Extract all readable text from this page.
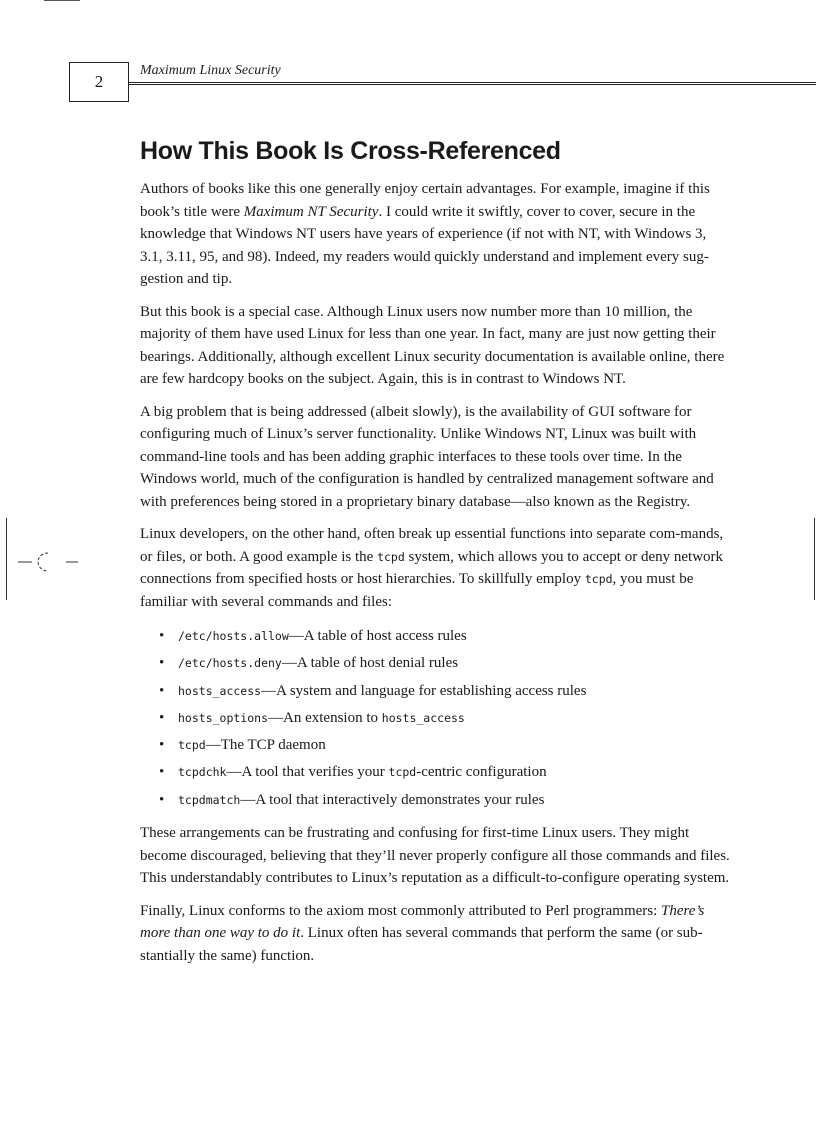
2
Maximum Linux Security
How This Book Is Cross-Referenced

Authors of books like this one generally enjoy certain advantages. For example, imagine if this book’s title were Maximum NT Security. I could write it swiftly, cover to cover, secure in the knowledge that Windows NT users have years of experience (if not with NT, with Windows 3, 3.1, 3.11, 95, and 98). Indeed, my readers would quickly understand and implement every sug-gestion and tip.

But this book is a special case. Although Linux users now number more than 10 million, the majority of them have used Linux for less than one year. In fact, many are just now getting their bearings. Additionally, although excellent Linux security documentation is available online, there are few hardcopy books on the subject. Again, this is in contrast to Windows NT.

A big problem that is being addressed (albeit slowly), is the availability of GUI software for configuring much of Linux’s server functionality. Unlike Windows NT, Linux was built with command-line tools and has been adding graphic interfaces to these tools over time. In the Windows world, much of the configuration is handled by centralized management software and with preferences being stored in a proprietary binary database—also known as the Registry.

Linux developers, on the other hand, often break up essential functions into separate com-mands, or files, or both. A good example is the tcpd system, which allows you to accept or deny network connections from specified hosts or host hierarchies. To skillfully employ tcpd, you must be familiar with several commands and files:

• /etc/hosts.allow—A table of host access rules
• /etc/hosts.deny—A table of host denial rules
• hosts_access—A system and language for establishing access rules
• hosts_options—An extension to hosts_access
• tcpd—The TCP daemon
• tcpdchk—A tool that verifies your tcpd-centric configuration
• tcpdmatch—A tool that interactively demonstrates your rules

These arrangements can be frustrating and confusing for first-time Linux users. They might become discouraged, believing that they’ll never properly configure all those commands and files. This understandably contributes to Linux’s reputation as a difficult-to-configure operating system.

Finally, Linux conforms to the axiom most commonly attributed to Perl programmers: There’s more than one way to do it. Linux often has several commands that perform the same (or sub-stantially the same) function.
